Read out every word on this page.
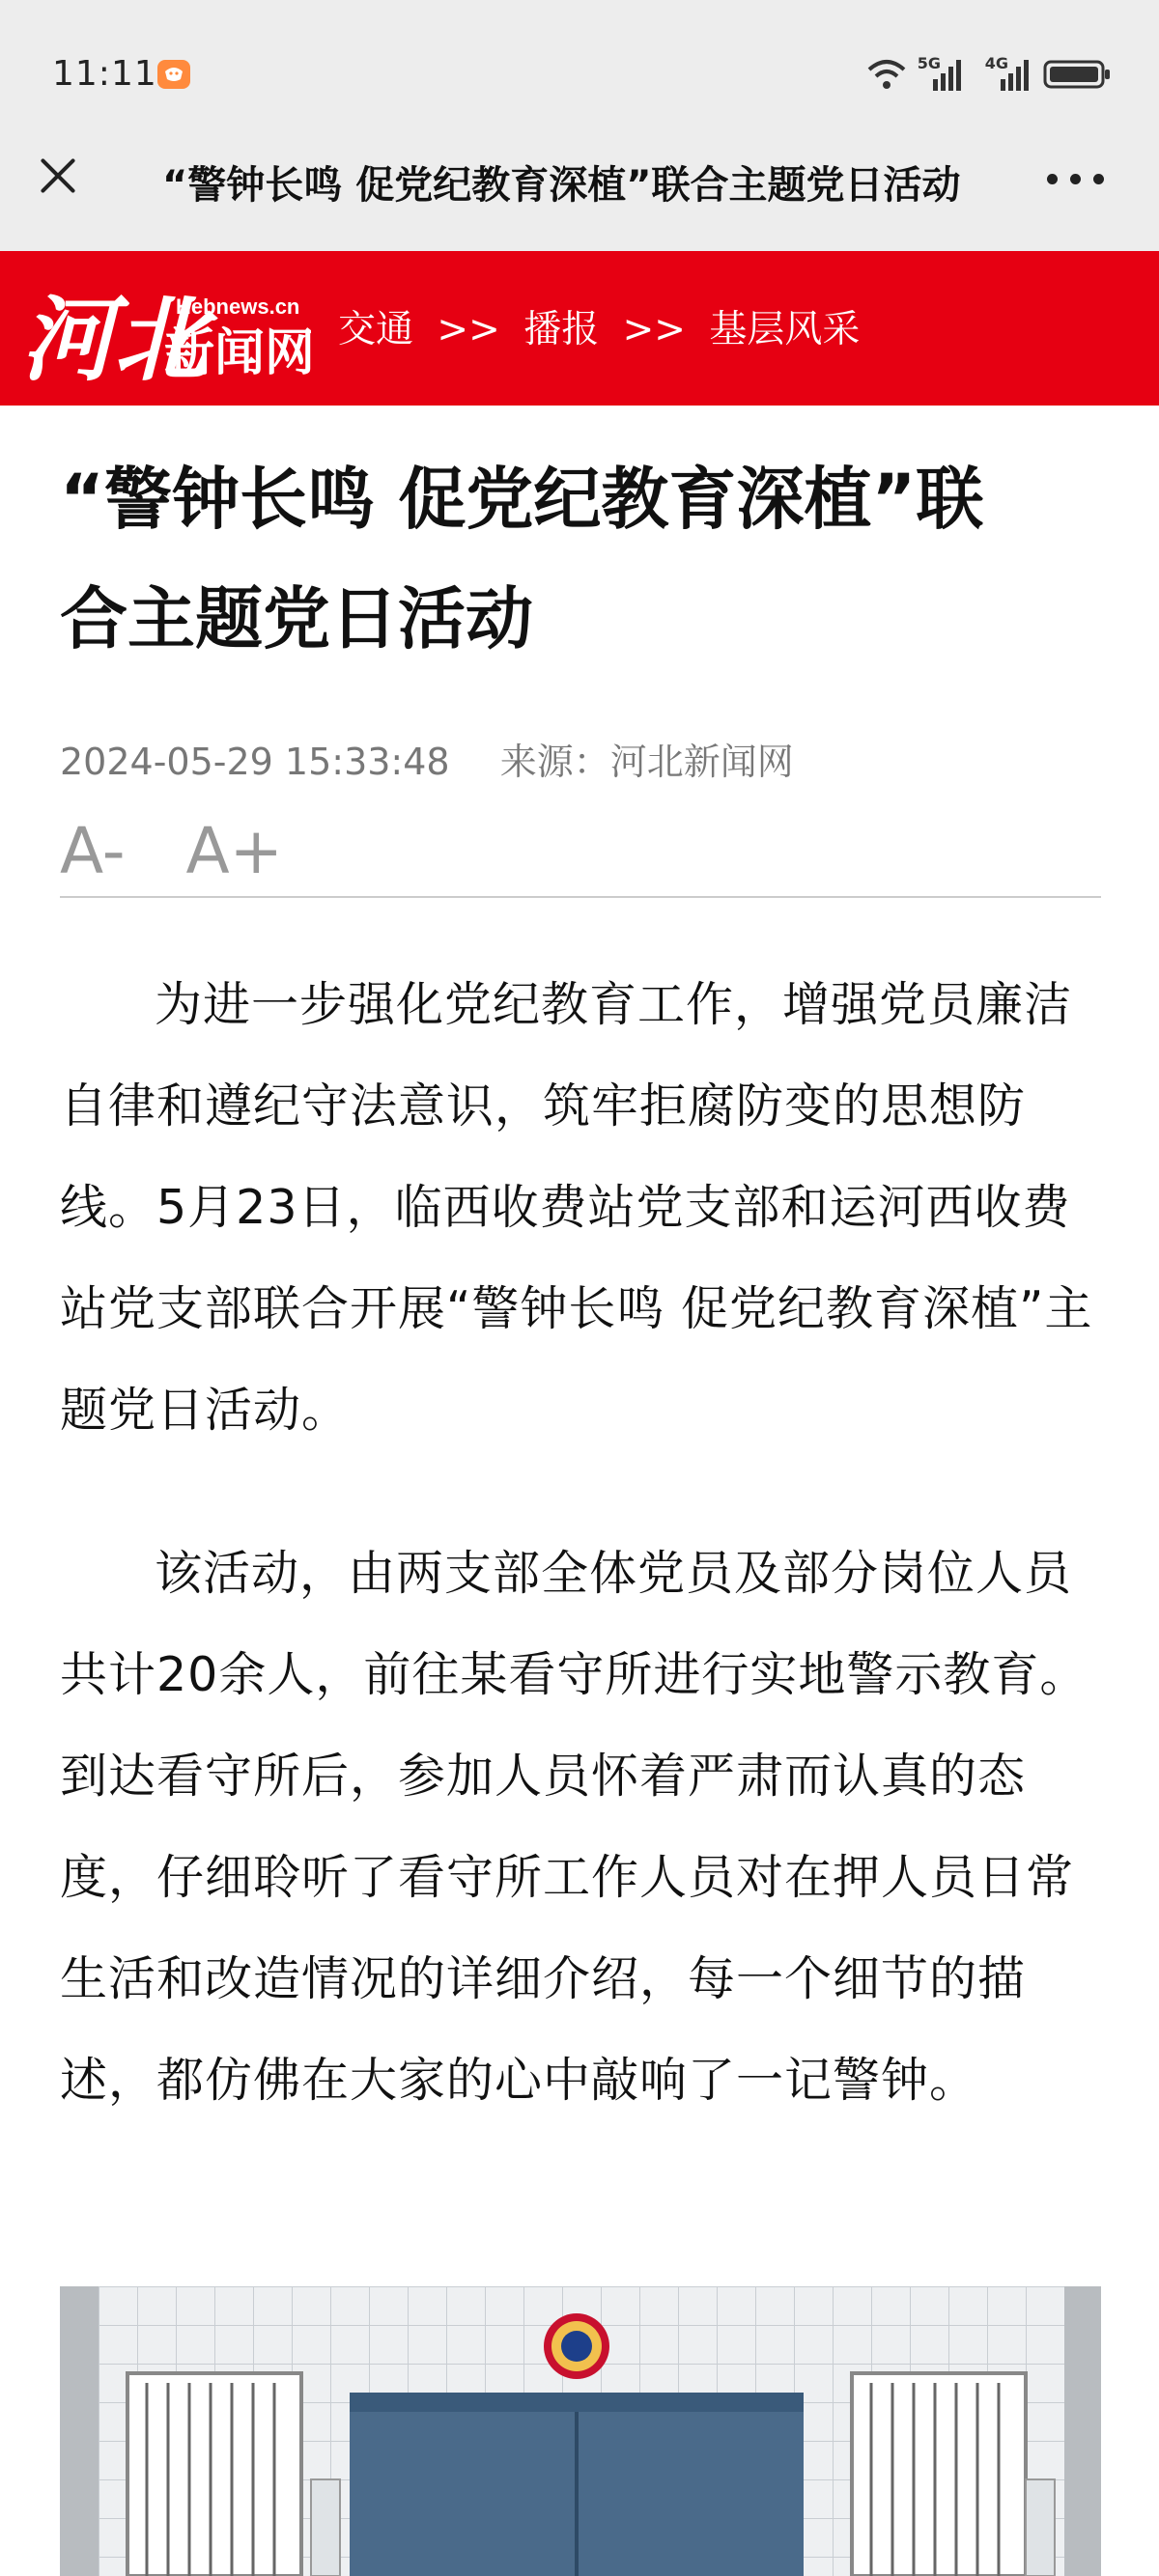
11:11	5G	4G
“警钟长鸣 促党纪教育深植”联合主题党日活动
河北
Hebnews.cn
新闻网 交通 >> 播报 >> 基层风采
“警钟长鸣 促党纪教育深植”联
合主题党日活动
2024-05-29 15:33:48 来源：河北新闻网
A- A+

为进一步强化党纪教育工作，增强党员廉洁自律和遵纪守法意识，筑牢拒腐防变的思想防线。5月23日，临西收费站党支部和运河西收费站党支部联合开展“警钟长鸣 促党纪教育深植”主题党日活动。

该活动，由两支部全体党员及部分岗位人员共计20余人，前往某看守所进行实地警示教育。到达看守所后，参加人员怀着严肃而认真的态度，仔细聆听了看守所工作人员对在押人员日常生活和改造情况的详细介绍，每一个细节的描述，都仿佛在大家的心中敲响了一记警钟。
